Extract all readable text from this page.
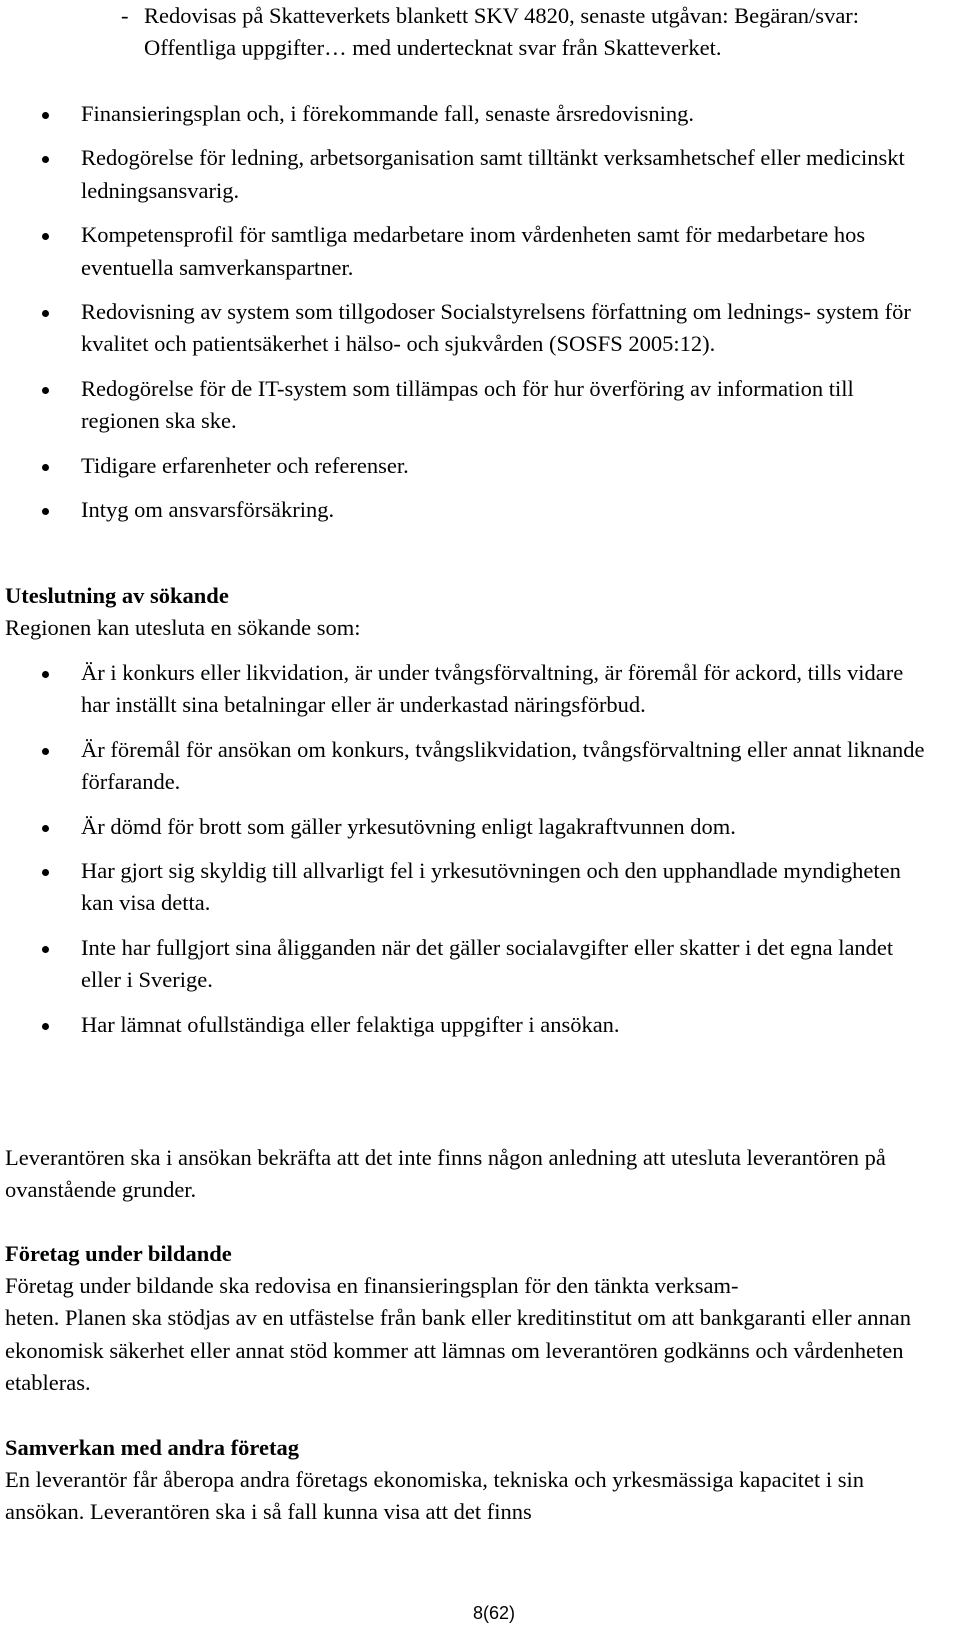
- Redovisas på Skatteverkets blankett SKV 4820, senaste utgåvan: Begäran/svar: Offentliga uppgifter… med undertecknat svar från Skatteverket.
Finansieringsplan och, i förekommande fall, senaste årsredovisning.
Redogörelse för ledning, arbetsorganisation samt tilltänkt verksamhetschef eller medicinskt ledningsansvarig.
Kompetensprofil för samtliga medarbetare inom vårdenheten samt för medarbetare hos eventuella samverkanspartner.
Redovisning av system som tillgodoser Socialstyrelsens författning om lednings- system för kvalitet och patientsäkerhet i hälso- och sjukvården (SOSFS 2005:12).
Redogörelse för de IT-system som tillämpas och för hur överföring av information till regionen ska ske.
Tidigare erfarenheter och referenser.
Intyg om ansvarsförsäkring.
Uteslutning av sökande
Regionen kan utesluta en sökande som:
Är i konkurs eller likvidation, är under tvångsförvaltning, är föremål för ackord, tills vidare har inställt sina betalningar eller är underkastad näringsförbud.
Är föremål för ansökan om konkurs, tvångslikvidation, tvångsförvaltning eller annat liknande förfarande.
Är dömd för brott som gäller yrkesutövning enligt lagakraftvunnen dom.
Har gjort sig skyldig till allvarligt fel i yrkesutövningen och den upphandlade myndigheten kan visa detta.
Inte har fullgjort sina åligganden när det gäller socialavgifter eller skatter i det egna landet eller i Sverige.
Har lämnat ofullständiga eller felaktiga uppgifter i ansökan.
Leverantören ska i ansökan bekräfta att det inte finns någon anledning att utesluta leverantören på ovanstående grunder.
Företag under bildande
Företag under bildande ska redovisa en finansieringsplan för den tänkta verksam-
heten. Planen ska stödjas av en utfästelse från bank eller kreditinstitut om att bankgaranti eller annan ekonomisk säkerhet eller annat stöd kommer att lämnas om leverantören godkänns och vårdenheten etableras.
Samverkan med andra företag
En leverantör får åberopa andra företags ekonomiska, tekniska och yrkesmässiga kapacitet i sin ansökan. Leverantören ska i så fall kunna visa att det finns
8(62)
